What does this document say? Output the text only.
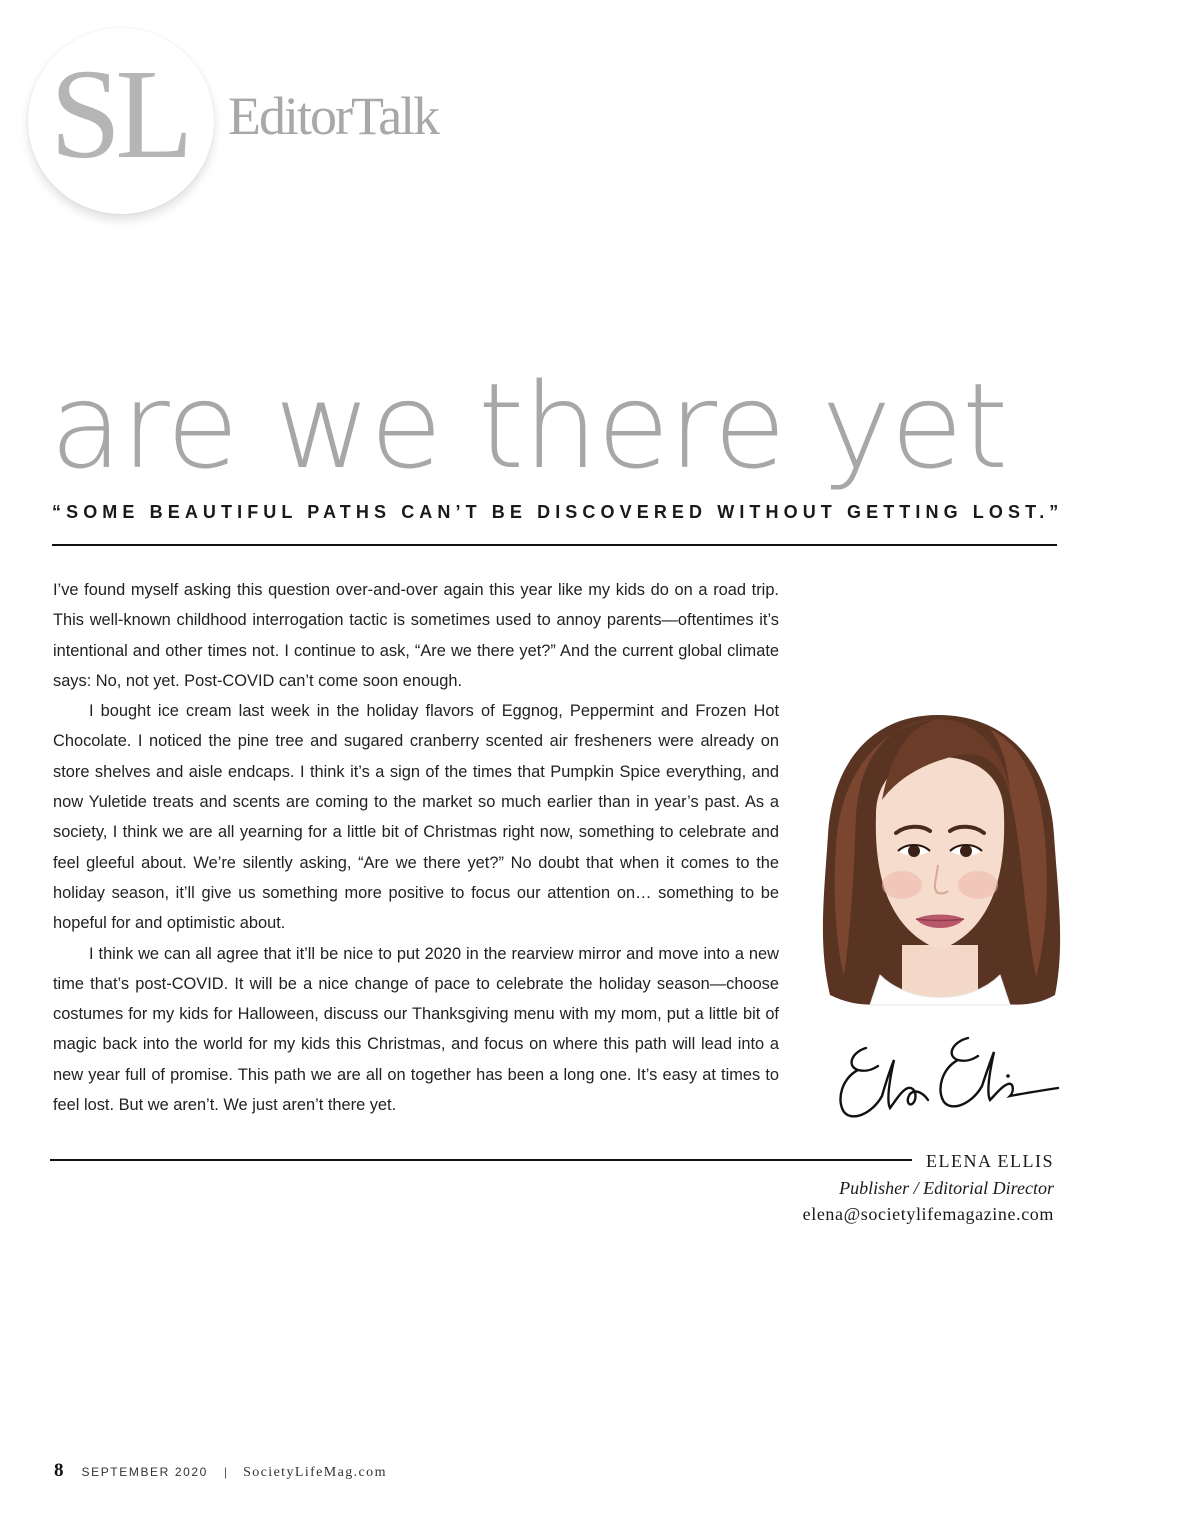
SL EditorTalk
are we there yet
“SOME BEAUTIFUL PATHS CAN’T BE DISCOVERED WITHOUT GETTING LOST.”

I’ve found myself asking this question over-and-over again this year like my kids do on a road trip. This well-known childhood interrogation tactic is sometimes used to annoy parents—oftentimes it’s intentional and other times not. I continue to ask, “Are we there yet?” And the current global climate says: No, not yet. Post-COVID can’t come soon enough.

I bought ice cream last week in the holiday flavors of Eggnog, Peppermint and Frozen Hot Chocolate. I noticed the pine tree and sugared cranberry scented air fresheners were already on store shelves and aisle endcaps. I think it’s a sign of the times that Pumpkin Spice everything, and now Yuletide treats and scents are coming to the market so much earlier than in year’s past. As a society, I think we are all yearning for a little bit of Christmas right now, something to celebrate and feel gleeful about. We’re silently asking, “Are we there yet?” No doubt that when it comes to the holiday season, it’ll give us something more positive to focus our attention on… something to be hopeful for and optimistic about.

I think we can all agree that it’ll be nice to put 2020 in the rearview mirror and move into a new time that’s post-COVID. It will be a nice change of pace to celebrate the holiday season—choose costumes for my kids for Halloween, discuss our Thanksgiving menu with my mom, put a little bit of magic back into the world for my kids this Christmas, and focus on where this path will lead into a new year full of promise. This path we are all on together has been a long one. It’s easy at times to feel lost. But we aren’t. We just aren’t there yet.

ELENA ELLIS
Publisher / Editorial Director
elena@societylifemagazine.com
8 SEPTEMBER 2020 | SocietyLifeMag.com
